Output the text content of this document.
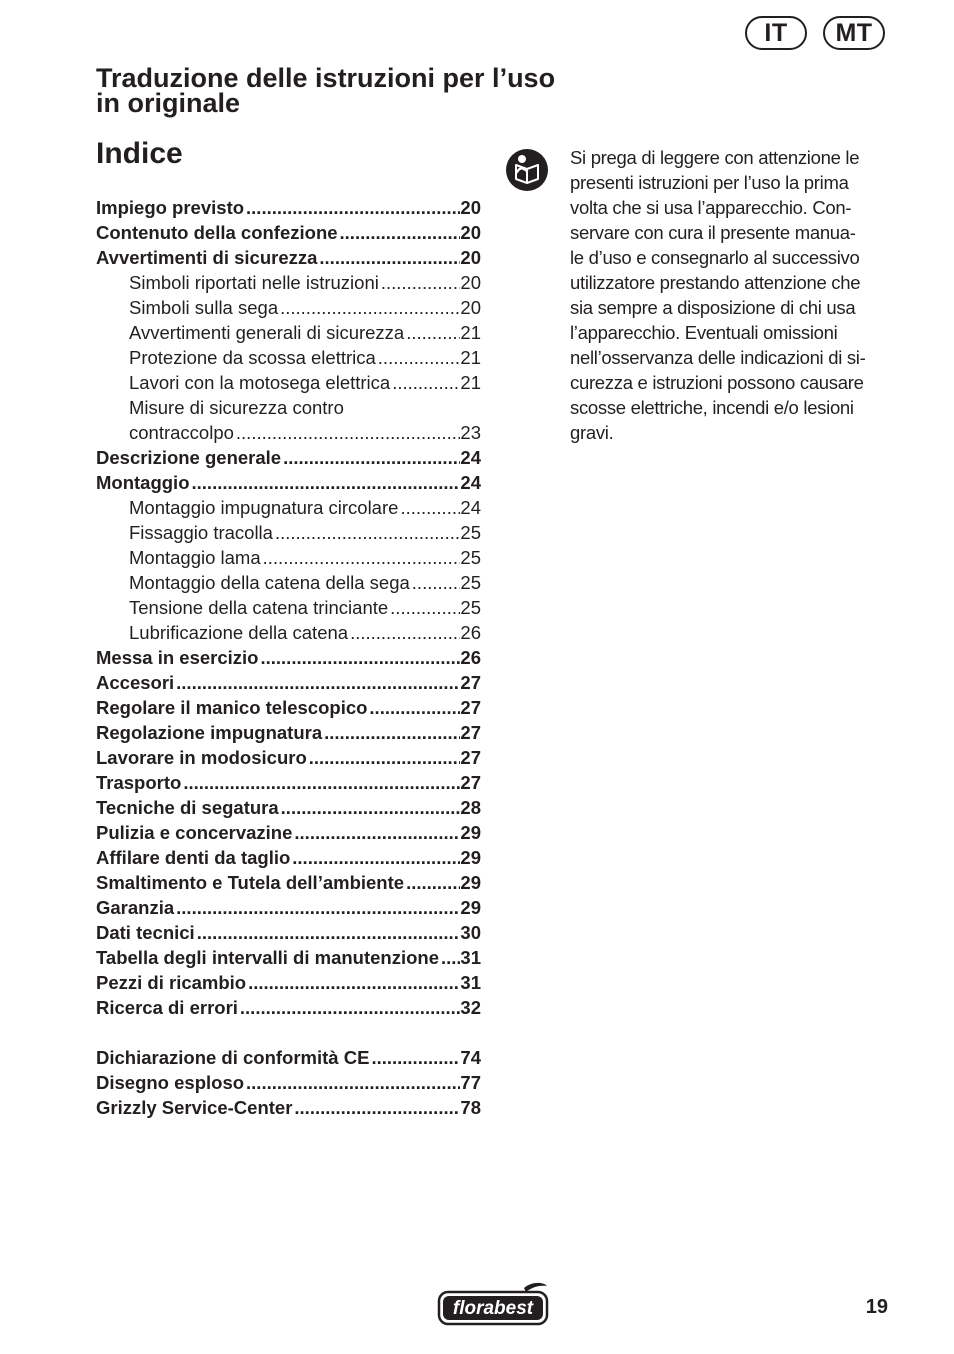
IT	MT
Traduzione delle istruzioni per l’uso in originale
Indice
Impiego previsto .....	20
Contenuto della confezione .....	20
Avvertimenti di sicurezza .....	20
Simboli riportati nelle istruzioni .....	20
Simboli sulla sega .....	20
Avvertimenti generali di sicurezza .....	21
Protezione da scossa elettrica .....	21
Lavori con la motosega elettrica .....	21
Misure di sicurezza contro
contraccolpo .....	23
Descrizione generale .....	24
Montaggio .....	24
Montaggio impugnatura circolare .....	24
Fissaggio tracolla .....	25
Montaggio lama .....	25
Montaggio della catena della sega .....	25
Tensione della catena trinciante .....	25
Lubrificazione della catena .....	26
Messa in esercizio .....	26
Accesori .....	27
Regolare il manico telescopico .....	27
Regolazione impugnatura .....	27
Lavorare in modosicuro .....	27
Trasporto .....	27
Tecniche di segatura .....	28
Pulizia e concervazine .....	29
Affilare denti da taglio .....	29
Smaltimento e Tutela dell’ambiente .....	29
Garanzia .....	29
Dati tecnici .....	30
Tabella degli intervalli di manutenzione ..... 31
Pezzi di ricambio .....	31
Ricerca di errori .....	32
Dichiarazione di conformità CE .....	74
Disegno esploso .....	77
Grizzly Service-Center .....	78

Si prega di leggere con attenzione le
presenti istruzioni per l’uso la prima
volta che si usa l’apparecchio. Con-
servare con cura il presente manua-
le d’uso e consegnarlo al successivo
utilizzatore prestando attenzione che
sia sempre a disposizione di chi usa
l’apparecchio. Eventuali omissioni
nell’osservanza delle indicazioni di si-
curezza e istruzioni possono causare
scosse elettriche, incendi e/o lesioni
gravi.

florabest	19
